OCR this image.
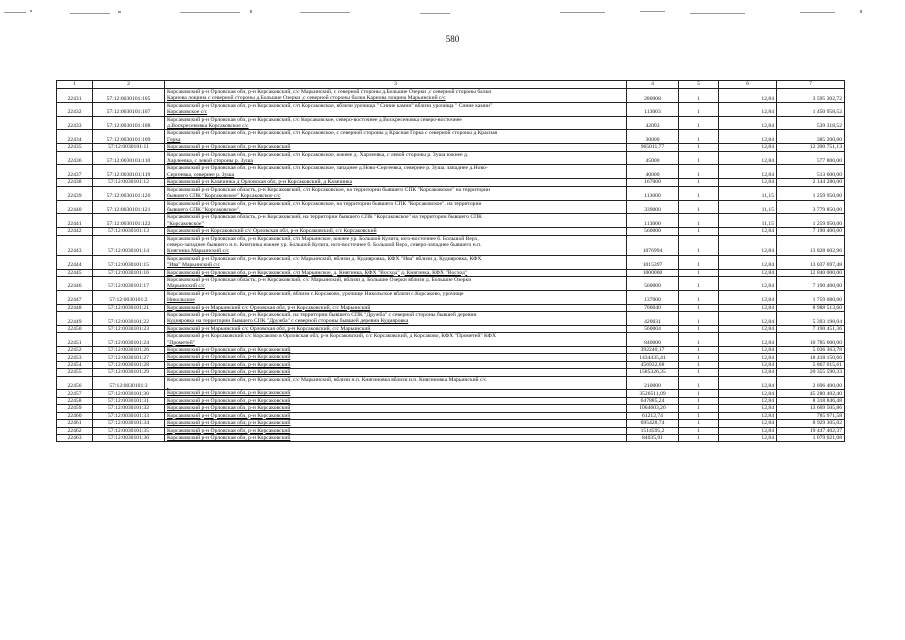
580
1	2	3	4	5	6	7
22431	57:12:0030101:105	Корсаковский р-н Орловская обл, р-н Корсаковский, с/с Марьинский, с северной стороны д.Большие Озерки ,с северной стороны балки
Карнова лощина с северной стороны д.Большие Озерки ,с северной стороны балки Карнова лощина Марьинский с/с	280008	1	12,84	3 595 302,72
22432	57:12:0030101:107	Корсаковский р-н Орловская обл, р-н Корсаковский, с/п Корсаковское, вблизи урочища " Синие камни" вблизи урочища " Синие камни"
Корсаковское с/с	113003	1	12,84	1 450 958,52
22433	57:12:0030101:108	Корсаковский р-н Орловская обл, р-н Корсаковский, с/с Корсаковское, северо-восточнее д.Воскресеновка северо-восточнее
д.Воскресеновка Корсаковское с/с	42003	1	12,84	539 318,52
22434	57:12:0030101:109	Корсаковский р-н Орловская обл, р-н Корсаковский, с/п Корсаковское, с северной стороны д Красная Горка с северной стороны д Красная
Горка	30000	1	12,84	385 200,00
22435	57:12:0030101:11	Корсаковский р-н Орловская обл, р-н Корсаковский	965011,77	1	12,84	12 390 751,13
22436	57:12:0030101:110	Корсаковский р-н Орловская обл, р-н Корсаковский, с/п Корсаковское, южнее д. Харлеевка, с левой стороны р. Зуша южнее д.
Харлеевка, с левой стороны р. Зуша	45000	1	12,84	577 800,00
22437	57:12:0030101:119	Корсаковский р-н Орловская обл, р-н Корсаковский, с/п Корсаковское, западнее д.Ново-Сергеевка, севернее р. Зуша. западнее д.Ново-
Сергеевка, севернее р. Зуша	40000	1	12,84	513 600,00
22438	57:12:0030101:12	Корсаковский р-н Казачинка д Орловская обл, р-н Корсаковский, д Казачинка	167000	1	12,84	2 144 280,00
22439	57:12:0030101:120	Корсаковский р-н Орловская область, р-н Корсаковский, с/п Корсаковское, на территории бывшего СПК "Корсаковское" на территории
бывшего СПК "Корсаковское" Корсаковское с/с	113000	1	11,15	1 259 950,00
22440	57:12:0030101:121	Корсаковский р-н Орловская обл, р-н Корсаковский, с/п Корсаковское, на территории бывшего СПК "Корсаковское". на территории
бывшего СПК "Корсаковское".	339000	1	11,15	3 779 850,00
22441	57:12:0030101:122	Корсаковский р-н Орловская область, р-н Корсаковский, на территории бывшего СПК "Корсаковское" на территории бывшего СПК
"Корсаковское"	113000	1	11,15	1 259 950,00
22442	57:12:0030101:13	Корсаковский р-н Корсаковский с/с Орловская обл, р-н Корсаковский, с/с Корсаковский	560000	1	12,84	7 190 400,00
22443	57:12:0030101:14	Корсаковский р-н Орловская обл, р-н Корсаковский, с/п Марьинское, южнее ур. Большой Кулига, юго-восточнее б. Большой Верх,
северо-западнее бывшего н.п. Княгинка южнее ур. Большой Кулига, юго-восточнее б. Большой Верх, северо-западнее бывшего н.п.
Княгинка Марьинский с/с	1076994	1	12,84	13 828 602,96
22444	57:12:0030101:15	Корсаковский р-н Орловская обл, р-н Корсаковский, с/с Марьинский, вблизи д. Кудияровка, КФХ "Ива" вблизи д. Кудияровка, КФХ
"Ива" Марьинский с/с	1015397	1	12,84	13 037 697,48
22445	57:12:0030101:16	Корсаковский р-н Орловская обл, р-н Корсаковский, с/п Марьинское, д. Княгинка, КФХ "Восход" д. Княгинка, КФХ "Восход"	1000000	1	12,84	12 840 000,00
22446	57:12:0030101:17	Корсаковский р-н Орловская область, р-н Корсаковский, с/с Марьинский, вблизи д. Большие Озерки вблизи д. Большие Озерки
Марьинский с/с	560000	1	12,84	7 190 400,00
22447	57:12:0030101:2	Корсаковский р-н Орловская обл, р-н Корсаковский, вблизи с.Корсаково, урочище Никольское вблизи с.Корсаково, урочище
Никольское	137000	1	12,84	1 759 080,00
22448	57:12:0030101:21	Корсаковский р-н Марьинский с/с Орловская обл, р-н Корсаковский, с/с Марьинский	700040	1	12,84	8 988 513,60
22449	57:12:0030101:22	Корсаковский р-н Орловская обл, р-н Корсаковский, на территории бывшего СПК "Дружба" с северной стороны бывшей деревни
Кудияровка на территории бывшего СПК "Дружба" с северной стороны бывшей деревни Кудияровка	420031	1	12,84	5 393 198,04
22450	57:12:0030101:23	Корсаковский р-н Марьинский с/с Орловская обл, р-н Корсаковский, с/с Марьинский	560004	1	12,84	7 190 451,36
22451	57:12:0030101:24	Корсаковский р-н Корсаковский с/с Корсаково в Орловская обл, р-н Корсаковский, с/с Корсаковский, д Корсаково, КФХ "Прометей" КФХ
"Прометей"	840000	1	12,84	10 785 600,00
22452	57:12:0030101:26	Корсаковский р-н Орловская обл, р-н Корсаковский	392240,17	1	12,84	5 036 363,78
22453	57:12:0030101:27	Корсаковский р-н Орловская обл, р-н Корсаковский	1434435,41	1	12,84	18 418 150,66
22454	57:12:0030101:28	Корсаковский р-н Орловская обл, р-н Корсаковский	456932,68	1	12,84	5 867 015,61
22455	57:12:0030101:29	Корсаковский р-н Орловская обл, р-н Корсаковский	1585326,35	1	12,84	20 355 590,33
22456	57:12:0030101:3	Корсаковский р-н Орловская обл, р-н Корсаковский, с/с Марьинский, вблизи н.п. Княгиновка вблизи н.п. Княгиновка Марьинский с/с	210000	1	12,84	2 696 400,00
22457	57:12:0030101:30	Корсаковский р-н Орловская обл, р-н Корсаковский	3526511,09	1	12,84	45 280 402,40
22458	57:12:0030101:31	Корсаковский р-н Орловская обл, р-н Корсаковский	647885,24	1	12,84	8 318 846,48
22459	57:12:0030101:32	Корсаковский р-н Орловская обл, р-н Корсаковский	1064603,26	1	12,84	13 669 505,86
22460	57:12:0030101:33	Корсаковский р-н Орловская обл, р-н Корсаковский	61212,74	1	12,84	785 971,58
22461	57:12:0030101:34	Корсаковский р-н Орловская обл, р-н Корсаковский	695428,74	1	12,84	8 929 305,02
22462	57:12:0030101:35	Корсаковский р-н Орловская обл, р-н Корсаковский	1514595,2	1	12,84	19 447 402,37
22463	57:12:0030101:36	Корсаковский р-н Орловская обл, р-н Корсаковский	84035,91	1	12,84	1 079 021,08
